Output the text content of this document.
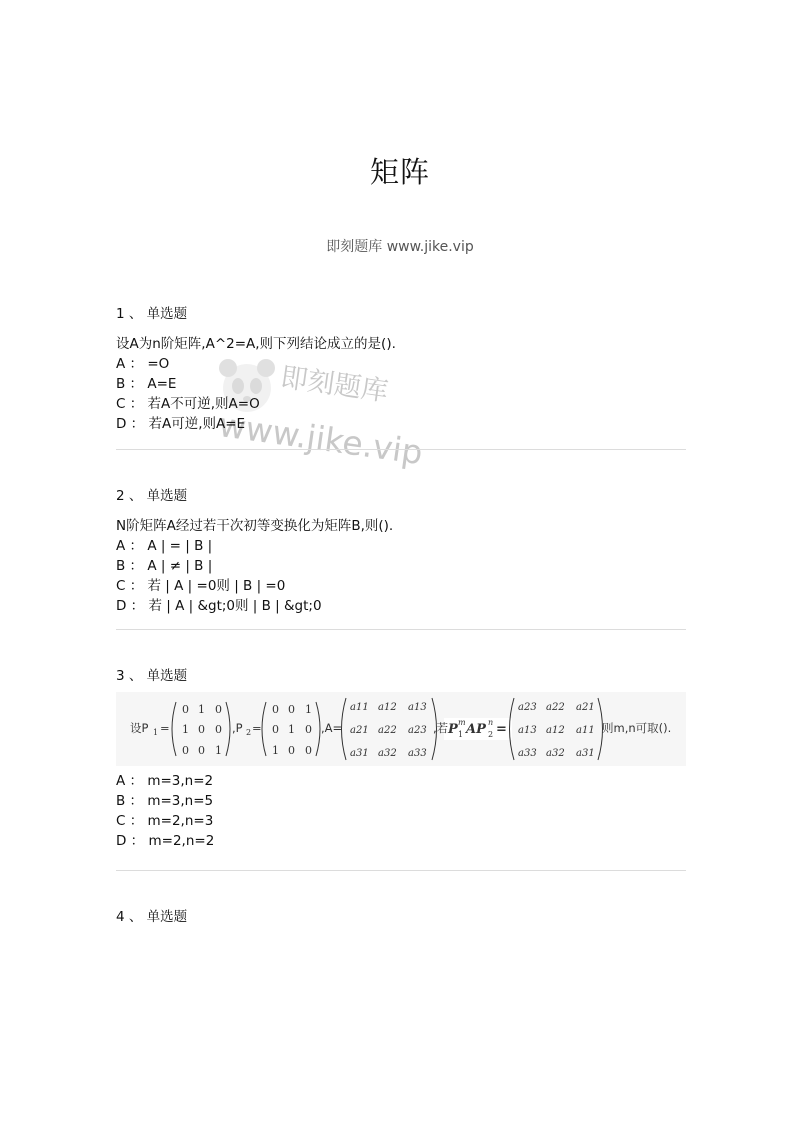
矩阵
即刻题库 www.jike.vip
即刻题库
www.jike.vip
1 、 单选题
设A为n阶矩阵,A^2=A,则下列结论成立的是().
A ： =O
B ： A=E
C ： 若A不可逆,则A=O
D ： 若A可逆,则A=E
2 、 单选题
N阶矩阵A经过若干次初等变换化为矩阵B,则().
A ： A | = | B |
B ： A | ≠ | B |
C ： 若 | A | =0则 | B | =0
D ： 若 | A | &gt;0则 | B | &gt;0
3 、 单选题
设P 1 =
0 1 0
1 0 0
0 0 1
,P 2 =
0 0 1
0 1 0
1 0 0
,A=
a11 a12 a13
a21 a22 a23
a31 a32 a33
,若 P m
1 AP n
2 =
a23 a22 a21
a13 a12 a11
a33 a32 a31
则m,n可取().
A ： m=3,n=2
B ： m=3,n=5
C ： m=2,n=3
D ： m=2,n=2
4 、 单选题
